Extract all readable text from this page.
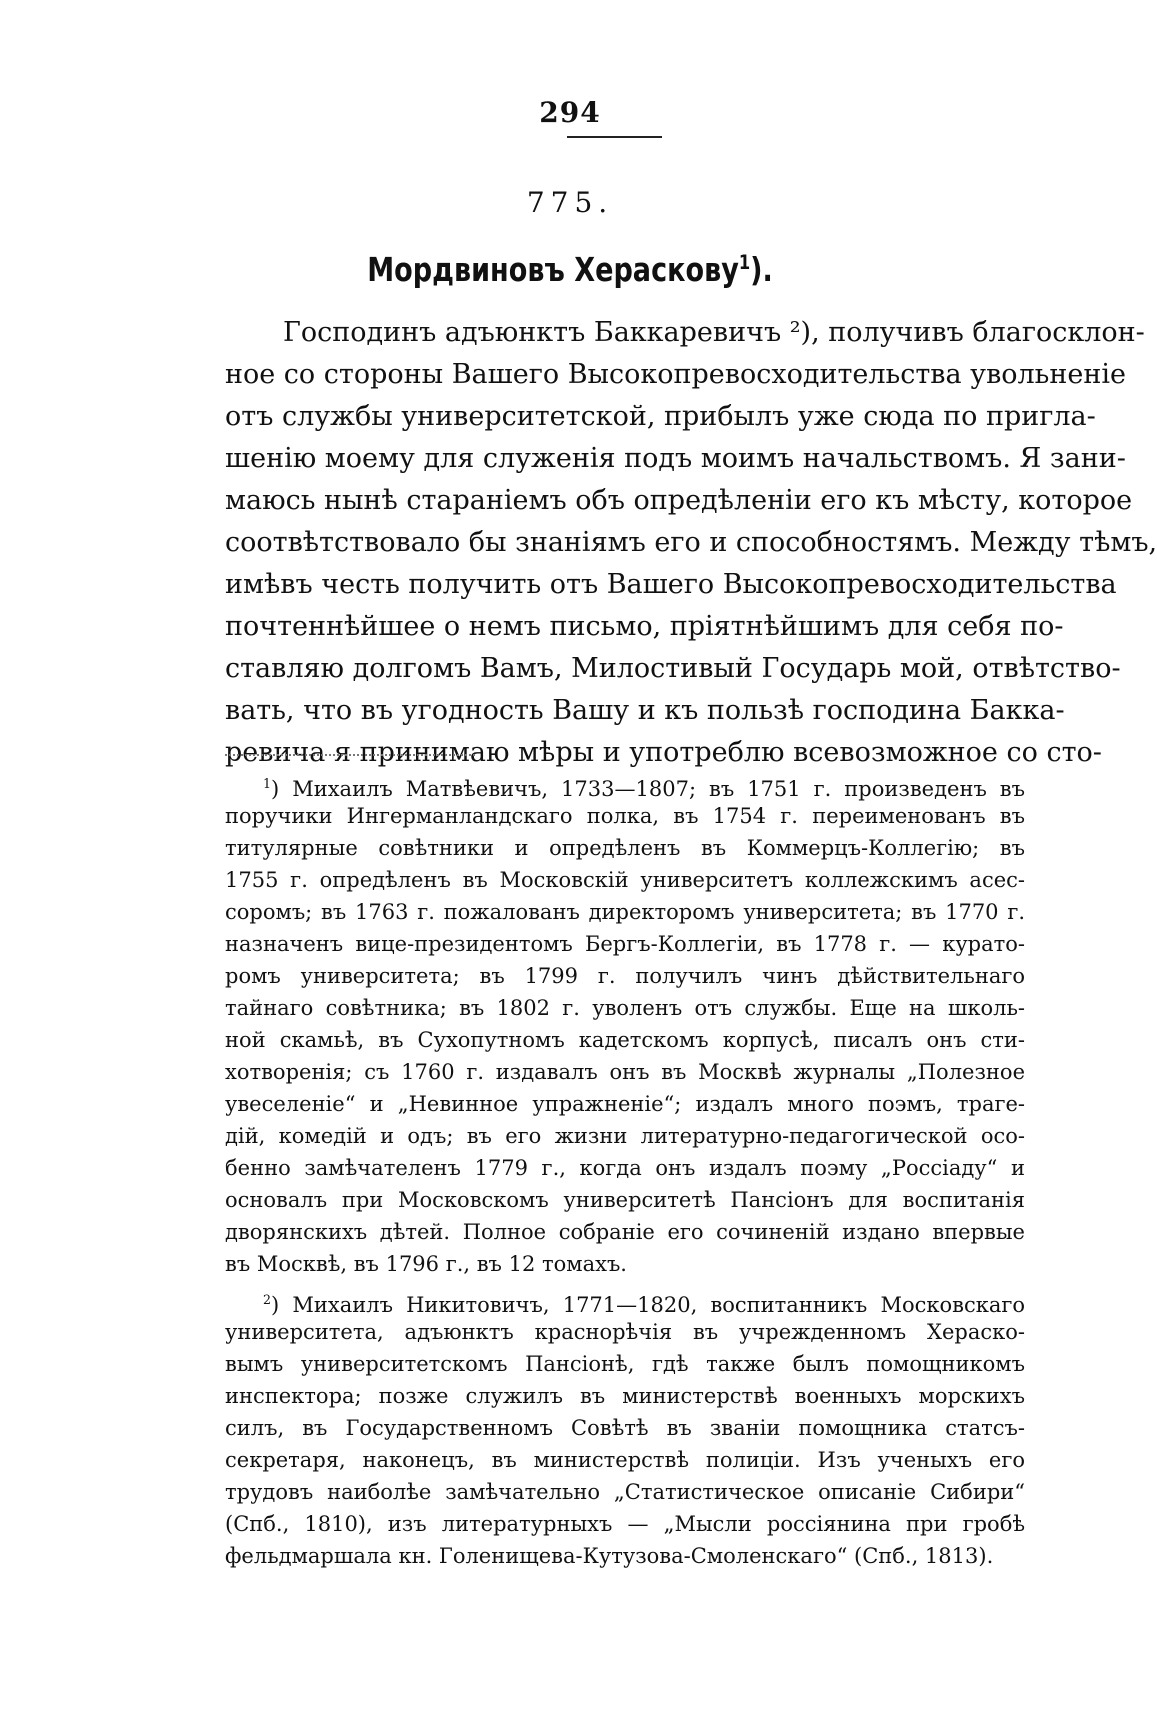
294
775.
Мордвиновъ Хераскову$^1$).
Господинъ адъюнктъ Баккаревичъ ²), получивъ благосклон-
ное со стороны Вашего Высокопревосходительства увольненіе
отъ службы университетской, прибылъ уже сюда по пригла-
шенію моему для служенія подъ моимъ начальствомъ. Я зани-
маюсь нынѣ стараніемъ объ опредѣленіи его къ мѣсту, которое
соотвѣтствовало бы знаніямъ его и способностямъ. Между тѣмъ,
имѣвъ честь получить отъ Вашего Высокопревосходительства
почтеннѣйшее о немъ письмо, пріятнѣйшимъ для себя по-
ставляю долгомъ Вамъ, Милостивый Государь мой, отвѣтство-
вать, что въ угодность Вашу и къ пользѣ господина Бакка-
ревича я принимаю мѣры и употреблю всевозможное со сто-
$^1$) Михаилъ Матвѣевичъ, 1733—1807; въ 1751 г. произведенъ въ
поручики Ингерманландскаго полка, въ 1754 г. переименованъ въ
титулярные совѣтники и опредѣленъ въ Коммерцъ-Коллегію; въ
1755 г. опредѣленъ въ Московскій университетъ коллежскимъ асес-
соромъ; въ 1763 г. пожалованъ директоромъ университета; въ 1770 г.
назначенъ вице-президентомъ Бергъ-Коллегіи, въ 1778 г. — курато-
ромъ университета; въ 1799 г. получилъ чинъ дѣйствительнаго
тайнаго совѣтника; въ 1802 г. уволенъ отъ службы. Еще на школь-
ной скамьѣ, въ Сухопутномъ кадетскомъ корпусѣ, писалъ онъ сти-
хотворенія; съ 1760 г. издавалъ онъ въ Москвѣ журналы „Полезное
увеселеніе“ и „Невинное упражненіе“; издалъ много поэмъ, траге-
дій, комедій и одъ; въ его жизни литературно-педагогической осо-
бенно замѣчателенъ 1779 г., когда онъ издалъ поэму „Россіаду“ и
основалъ при Московскомъ университетѣ Пансіонъ для воспитанія
дворянскихъ дѣтей. Полное собраніе его сочиненій издано впервые
въ Москвѣ, въ 1796 г., въ 12 томахъ.
$^2$) Михаилъ Никитовичъ, 1771—1820, воспитанникъ Московскаго
университета, адъюнктъ краснорѣчія въ учрежденномъ Хераско-
вымъ университетскомъ Пансіонѣ, гдѣ также былъ помощникомъ
инспектора; позже служилъ въ министерствѣ военныхъ морскихъ
силъ, въ Государственномъ Совѣтѣ въ званіи помощника статсъ-
секретаря, наконецъ, въ министерствѣ полиціи. Изъ ученыхъ его
трудовъ наиболѣе замѣчательно „Статистическое описаніе Сибири“
(Спб., 1810), изъ литературныхъ — „Мысли россіянина при гробѣ
фельдмаршала кн. Голенищева-Кутузова-Смоленскаго“ (Спб., 1813).
